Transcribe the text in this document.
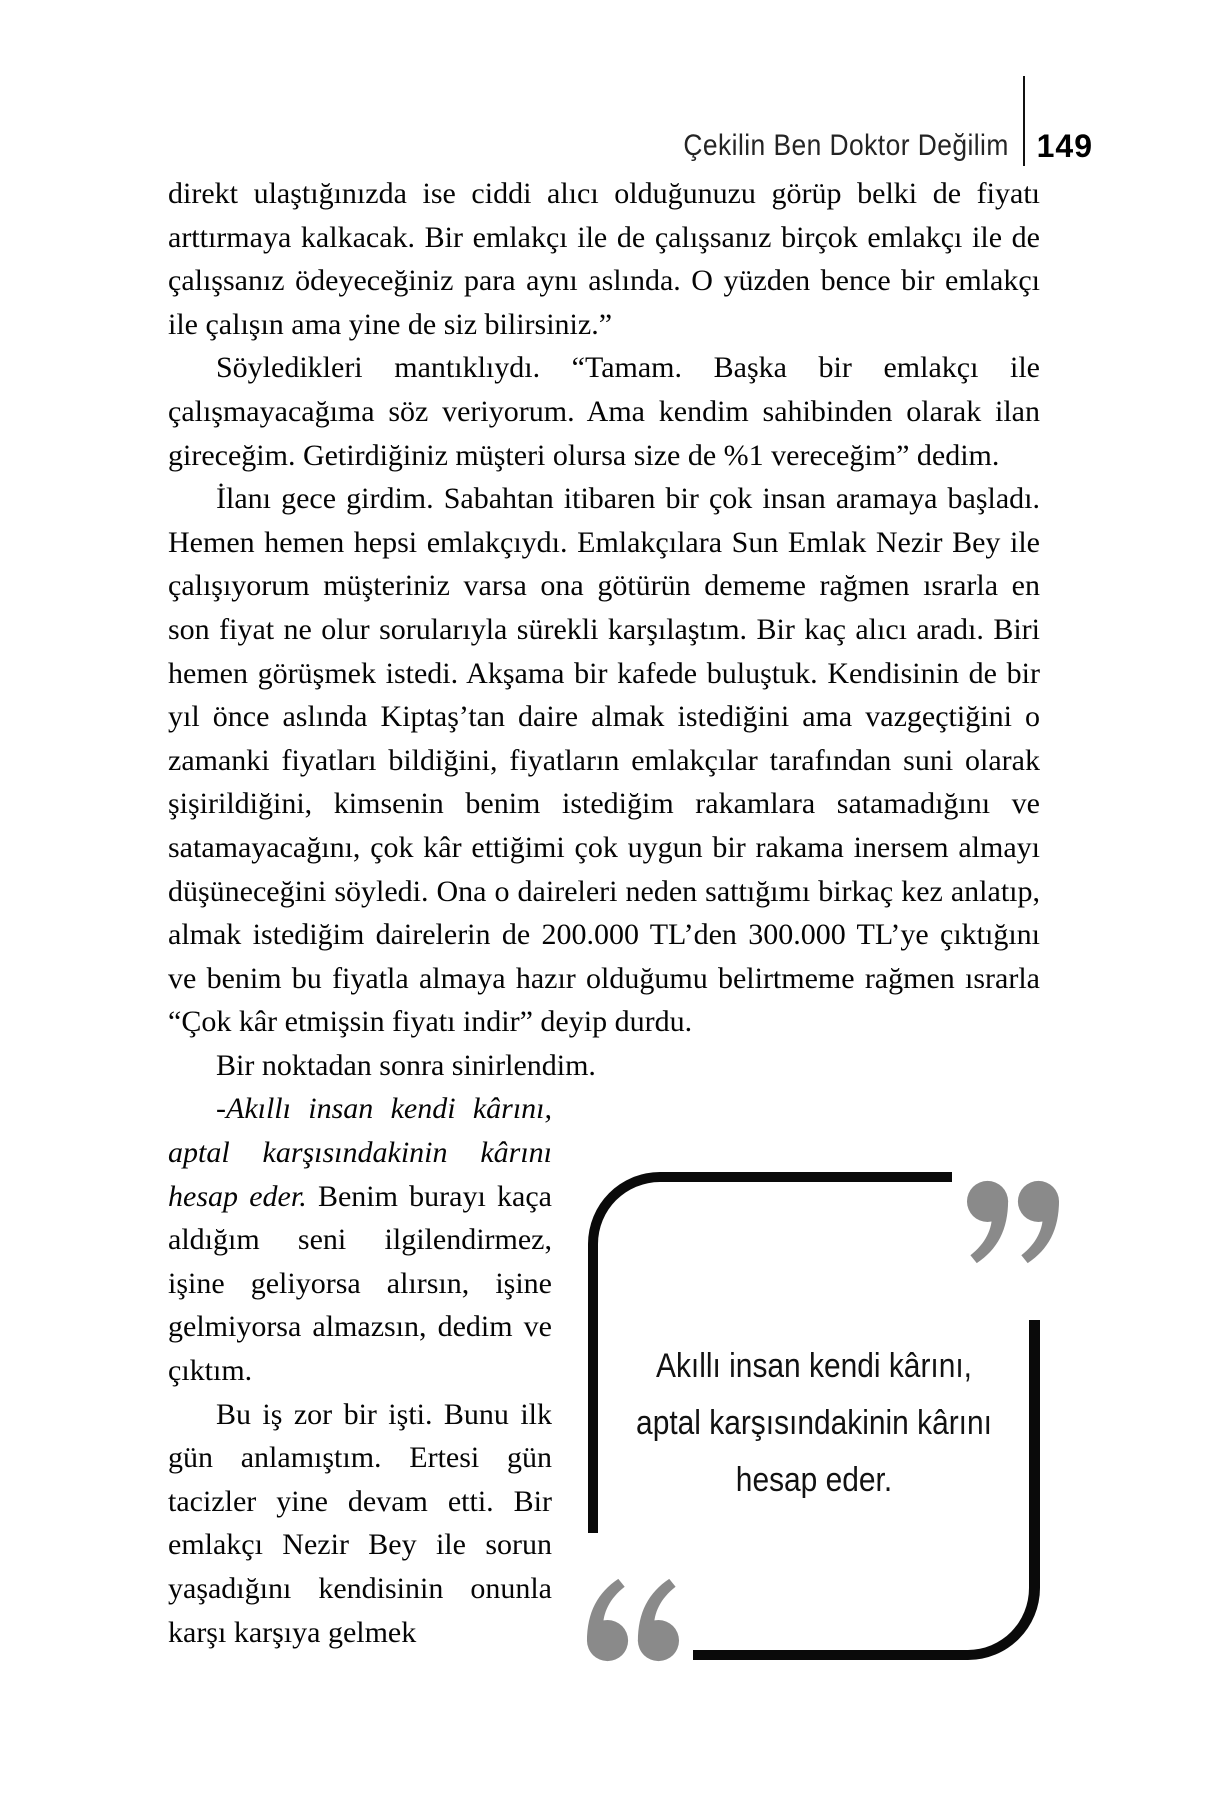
Çekilin Ben Doktor Değilim 149

direkt ulaştığınızda ise ciddi alıcı olduğunuzu görüp belki de fiyatı arttırmaya kalkacak. Bir emlakçı ile de çalışsanız birçok emlakçı ile de çalışsanız ödeyeceğiniz para aynı aslında. O yüzden bence bir emlakçı ile çalışın ama yine de siz bilirsiniz.”

Söyledikleri mantıklıydı. “Tamam. Başka bir emlakçı ile çalışmayacağıma söz veriyorum. Ama kendim sahibinden olarak ilan gireceğim. Getirdiğiniz müşteri olursa size de %1 vereceğim” dedim.

İlanı gece girdim. Sabahtan itibaren bir çok insan aramaya başladı. Hemen hemen hepsi emlakçıydı. Emlakçılara Sun Emlak Nezir Bey ile çalışıyorum müşteriniz varsa ona götürün dememe rağmen ısrarla en son fiyat ne olur sorularıyla sürekli karşılaştım. Bir kaç alıcı aradı. Biri hemen görüşmek istedi. Akşama bir kafede buluştuk. Kendisinin de bir yıl önce aslında Kiptaş’tan daire almak istediğini ama vazgeçtiğini o zamanki fiyatları bildiğini, fiyatların emlakçılar tarafından suni olarak şişirildiğini, kimsenin benim istediğim rakamlara satamadığını ve satamayacağını, çok kâr ettiğimi çok uygun bir rakama inersem almayı düşüneceğini söyledi. Ona o daireleri neden sattığımı birkaç kez anlatıp, almak istediğim dairelerin de 200.000 TL’den 300.000 TL’ye çıktığını ve benim bu fiyatla almaya hazır olduğumu belirtmeme rağmen ısrarla “Çok kâr etmişsin fiyatı indir” deyip durdu.

Bir noktadan sonra sinirlendim.

-Akıllı insan kendi kârını, aptal karşısındakinin kârını hesap eder. Benim burayı kaça aldığım seni ilgilendirmez, işine geliyorsa alırsın, işine gelmiyorsa almazsın, dedim ve çıktım.

Bu iş zor bir işti. Bunu ilk gün anlamıştım. Ertesi gün tacizler yine devam etti. Bir emlakçı Nezir Bey ile sorun yaşadığını kendisinin onunla karşı karşıya gelmek

Akıllı insan kendi kârını,
aptal karşısındakinin kârını
hesap eder.
